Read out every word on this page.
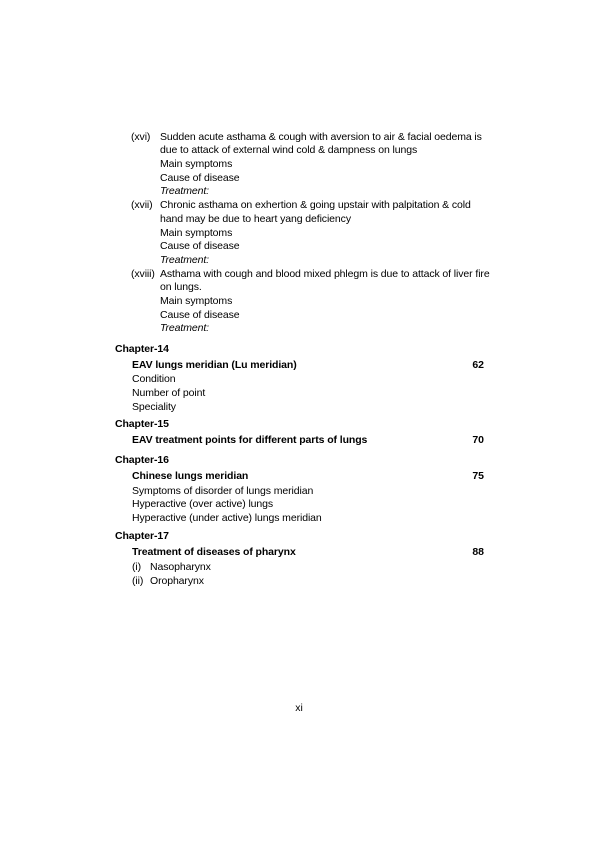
(xvi) Sudden acute asthama & cough with aversion to air & facial oedema is
due to attack of external wind cold & dampness on lungs
Main symptoms
Cause of disease
Treatment:
(xvii) Chronic asthama on exhertion & going upstair with palpitation & cold
hand may be due to heart yang deficiency
Main symptoms
Cause of disease
Treatment:
(xviii) Asthama with cough and blood mixed phlegm is due to attack of liver fire
on lungs.
Main symptoms
Cause of disease
Treatment:
Chapter-14
EAV lungs meridian (Lu meridian)	62
Condition
Number of point
Speciality
Chapter-15
EAV treatment points for different parts of lungs	70
Chapter-16
Chinese lungs meridian	75
Symptoms of disorder of lungs meridian
Hyperactive (over active) lungs
Hyperactive (under active) lungs meridian
Chapter-17
Treatment of diseases of pharynx	88
(i) Nasopharynx
(ii) Oropharynx
xi
